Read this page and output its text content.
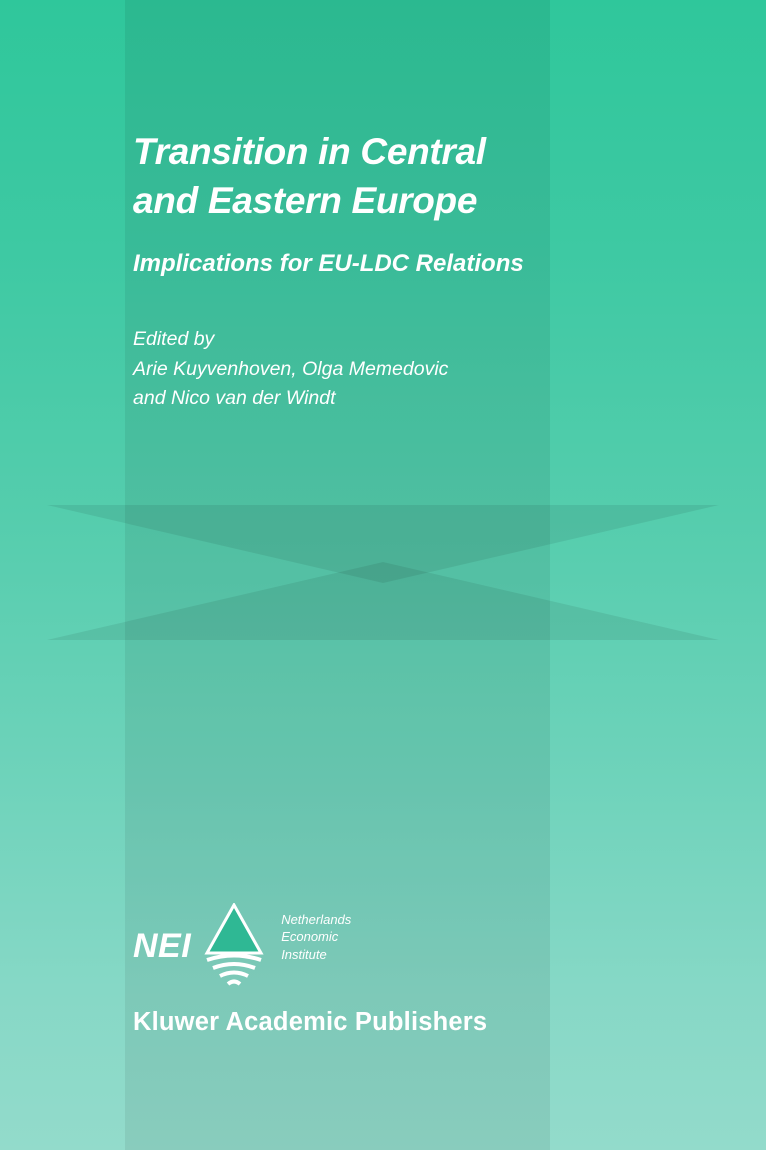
Transition in Central
and Eastern Europe

Implications for EU-LDC Relations

Edited by
Arie Kuyvenhoven, Olga Memedovic
and Nico van der Windt
NEI
Netherlands
Economic
Institute
Kluwer Academic Publishers
